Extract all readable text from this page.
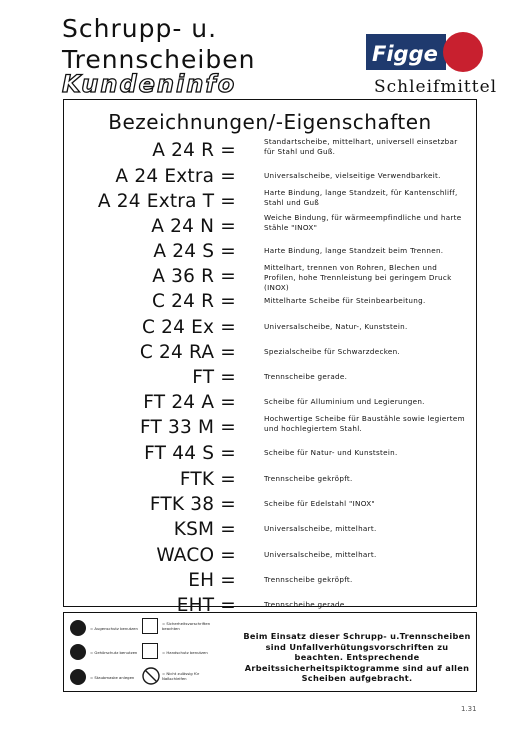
Schrupp- u.
Trennscheiben
Kundeninfo
Figge
Schleifmittel
Bezeichnungen/-Eigenschaften
A 24 R =	Standartscheibe, mittelhart, universell einsetzbar für Stahl und Guß.
A 24 Extra =	Universalscheibe, vielseitige Verwendbarkeit.
A 24 Extra T =	Harte Bindung, lange Standzeit, für Kantenschliff, Stahl und Guß
A 24 N =	Weiche Bindung, für wärmeempfindliche und harte Stähle "INOX"
A 24 S =	Harte Bindung, lange Standzeit beim Trennen.
A 36 R =	Mittelhart, trennen von Rohren, Blechen und Profilen, hohe Trennleistung bei geringem Druck (INOX)
C 24 R =	Mittelharte Scheibe für Steinbearbeitung.
C 24 Ex =	Universalscheibe, Natur-, Kunststein.
C 24 RA =	Spezialscheibe für Schwarzdecken.
FT =	Trennscheibe gerade.
FT 24 A =	Scheibe für Alluminium und Legierungen.
FT 33 M =	Hochwertige Scheibe für Baustähle sowie legiertem und hochlegiertem Stahl.
FT 44 S =	Scheibe für Natur- und Kunststein.
FTK =	Trennscheibe gekröpft.
FTK 38 =	Scheibe für Edelstahl "INOX"
KSM =	Universalscheibe, mittelhart.
WACO =	Universalscheibe, mittelhart.
EH =	Trennscheibe gekröpft.
EHT =	Trennscheibe gerade.
= Augenschutz benutzen
= Sicherheitsvorschriften beachten
= Gehörschutz benutzen	= Handschutz benutzen
= Staubmaske anlegen
= Nicht zulässig für Naßschleifen
Beim Einsatz dieser Schrupp- u.Trennscheiben sind Unfallverhütungsvorschriften zu beachten. Entsprechende Arbeitssicherheitspiktogramme sind auf allen Scheiben aufgebracht.
1.31
